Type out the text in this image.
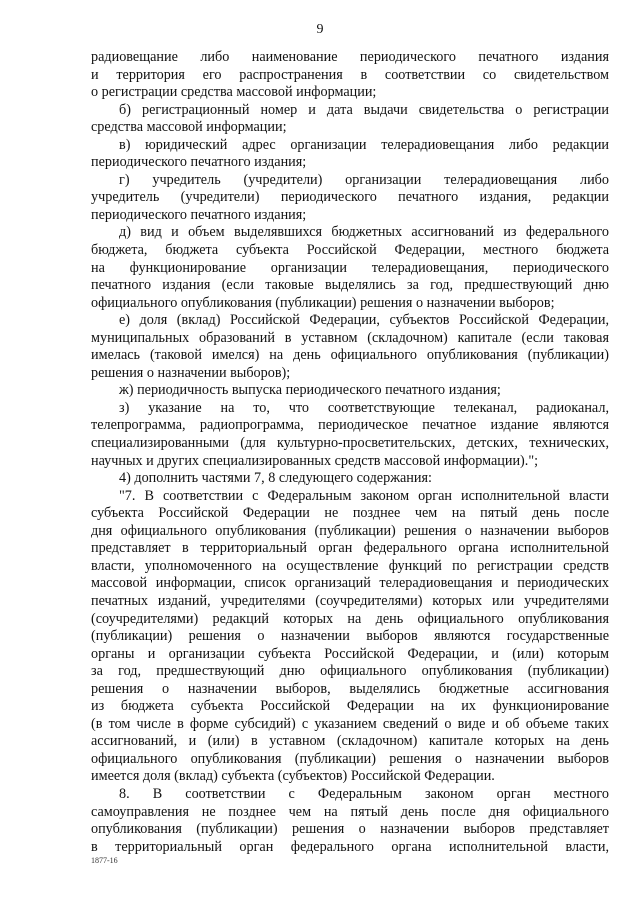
9

радиовещание либо наименование периодического печатного издания
и территория его распространения в соответствии со свидетельством
о регистрации средства массовой информации;

б) регистрационный номер и дата выдачи свидетельства о регистрации
средства массовой информации;

в) юридический адрес организации телерадиовещания либо редакции
периодического печатного издания;

г) учредитель (учредители) организации телерадиовещания либо
учредитель (учредители) периодического печатного издания, редакции
периодического печатного издания;

д) вид и объем выделявшихся бюджетных ассигнований из федерального
бюджета, бюджета субъекта Российской Федерации, местного бюджета
на функционирование организации телерадиовещания, периодического
печатного издания (если таковые выделялись за год, предшествующий дню
официального опубликования (публикации) решения о назначении выборов;

е) доля (вклад) Российской Федерации, субъектов Российской Федерации,
муниципальных образований в уставном (складочном) капитале (если таковая
имелась (таковой имелся) на день официального опубликования (публикации)
решения о назначении выборов);

ж) периодичность выпуска периодического печатного издания;

з) указание на то, что соответствующие телеканал, радиоканал,
телепрограмма, радиопрограмма, периодическое печатное издание являются
специализированными (для культурно-просветительских, детских, технических,
научных и других специализированных средств массовой информации).";

4) дополнить частями 7, 8 следующего содержания:

"7. В соответствии с Федеральным законом орган исполнительной власти
субъекта Российской Федерации не позднее чем на пятый день после
дня официального опубликования (публикации) решения о назначении выборов
представляет в территориальный орган федерального органа исполнительной
власти, уполномоченного на осуществление функций по регистрации средств
массовой информации, список организаций телерадиовещания и периодических
печатных изданий, учредителями (соучредителями) которых или учредителями
(соучредителями) редакций которых на день официального опубликования
(публикации) решения о назначении выборов являются государственные
органы и организации субъекта Российской Федерации, и (или) которым
за год, предшествующий дню официального опубликования (публикации)
решения о назначении выборов, выделялись бюджетные ассигнования
из бюджета субъекта Российской Федерации на их функционирование
(в том числе в форме субсидий) с указанием сведений о виде и об объеме таких
ассигнований, и (или) в уставном (складочном) капитале которых на день
официального опубликования (публикации) решения о назначении выборов
имеется доля (вклад) субъекта (субъектов) Российской Федерации.

8. В соответствии с Федеральным законом орган местного
самоуправления не позднее чем на пятый день после дня официального
опубликования (публикации) решения о назначении выборов представляет
в территориальный орган федерального органа исполнительной власти,

1877-16
